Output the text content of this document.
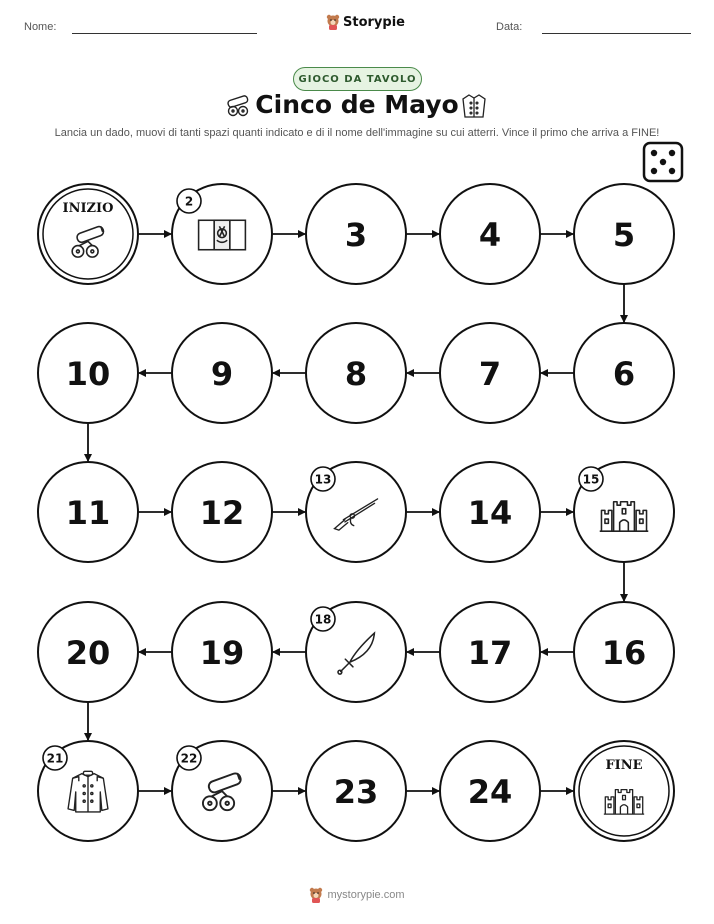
Nome:	Storypie	Data:
GIOCO DA TAVOLO
Cinco de Mayo
Lancia un dado, muovi di tanti spazi quanti indicato e di il nome dell'immagine su cui atterri. Vince il primo che arriva a FINE!
INIZIO	2
3	4	5
6
7
8
9
10
11	12
13
14
15
16
17
18
19
20
21	22
23	24
FINE
mystorypie.com
